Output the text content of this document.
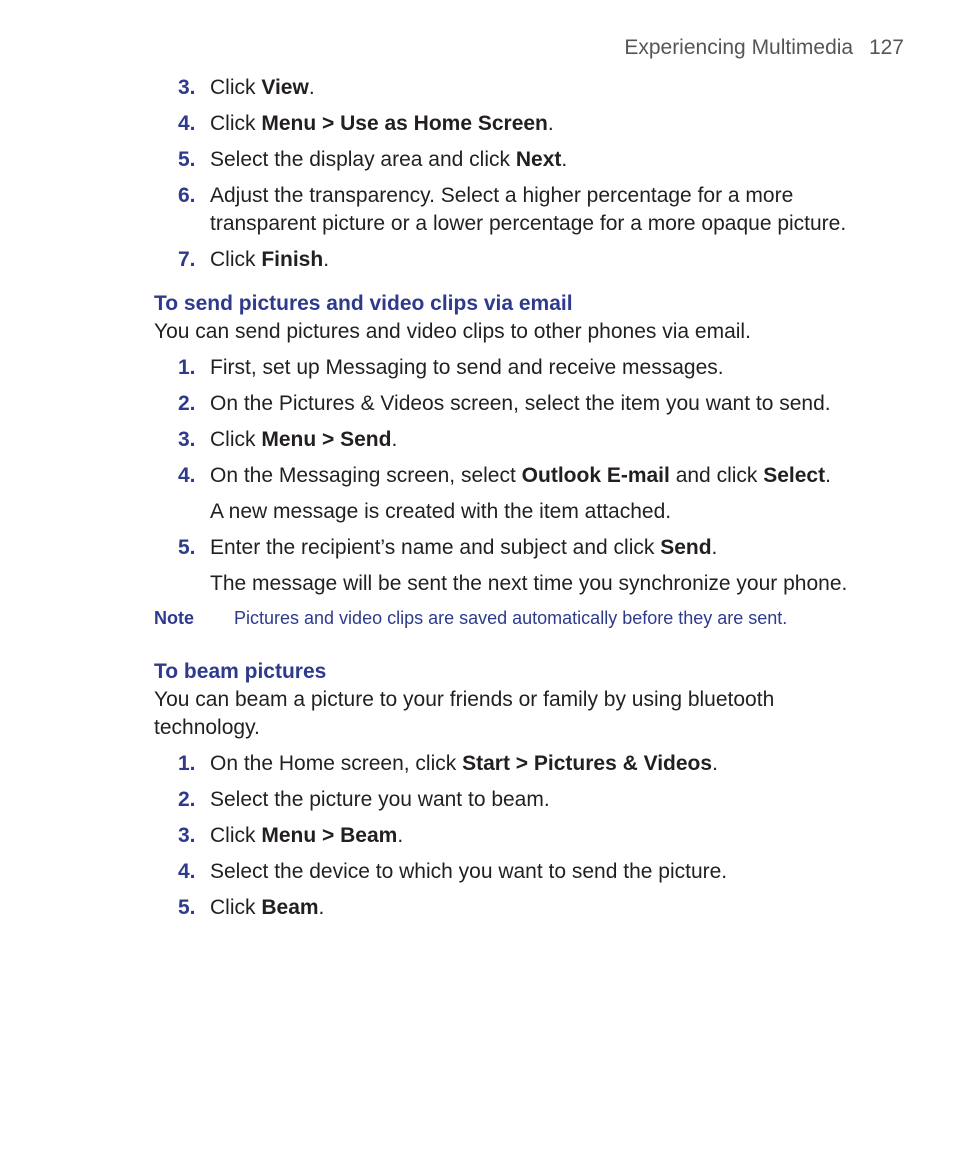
Experiencing Multimedia 127
3. Click View.
4. Click Menu > Use as Home Screen.
5. Select the display area and click Next.
6. Adjust the transparency. Select a higher percentage for a more transparent picture or a lower percentage for a more opaque picture.
7. Click Finish.
To send pictures and video clips via email
You can send pictures and video clips to other phones via email.
1. First, set up Messaging to send and receive messages.
2. On the Pictures & Videos screen, select the item you want to send.
3. Click Menu > Send.
4. On the Messaging screen, select Outlook E-mail and click Select.
A new message is created with the item attached.
5. Enter the recipient’s name and subject and click Send.
The message will be sent the next time you synchronize your phone.
Note	Pictures and video clips are saved automatically before they are sent.
To beam pictures
You can beam a picture to your friends or family by using bluetooth technology.
1. On the Home screen, click Start > Pictures & Videos.
2. Select the picture you want to beam.
3. Click Menu > Beam.
4. Select the device to which you want to send the picture.
5. Click Beam.
